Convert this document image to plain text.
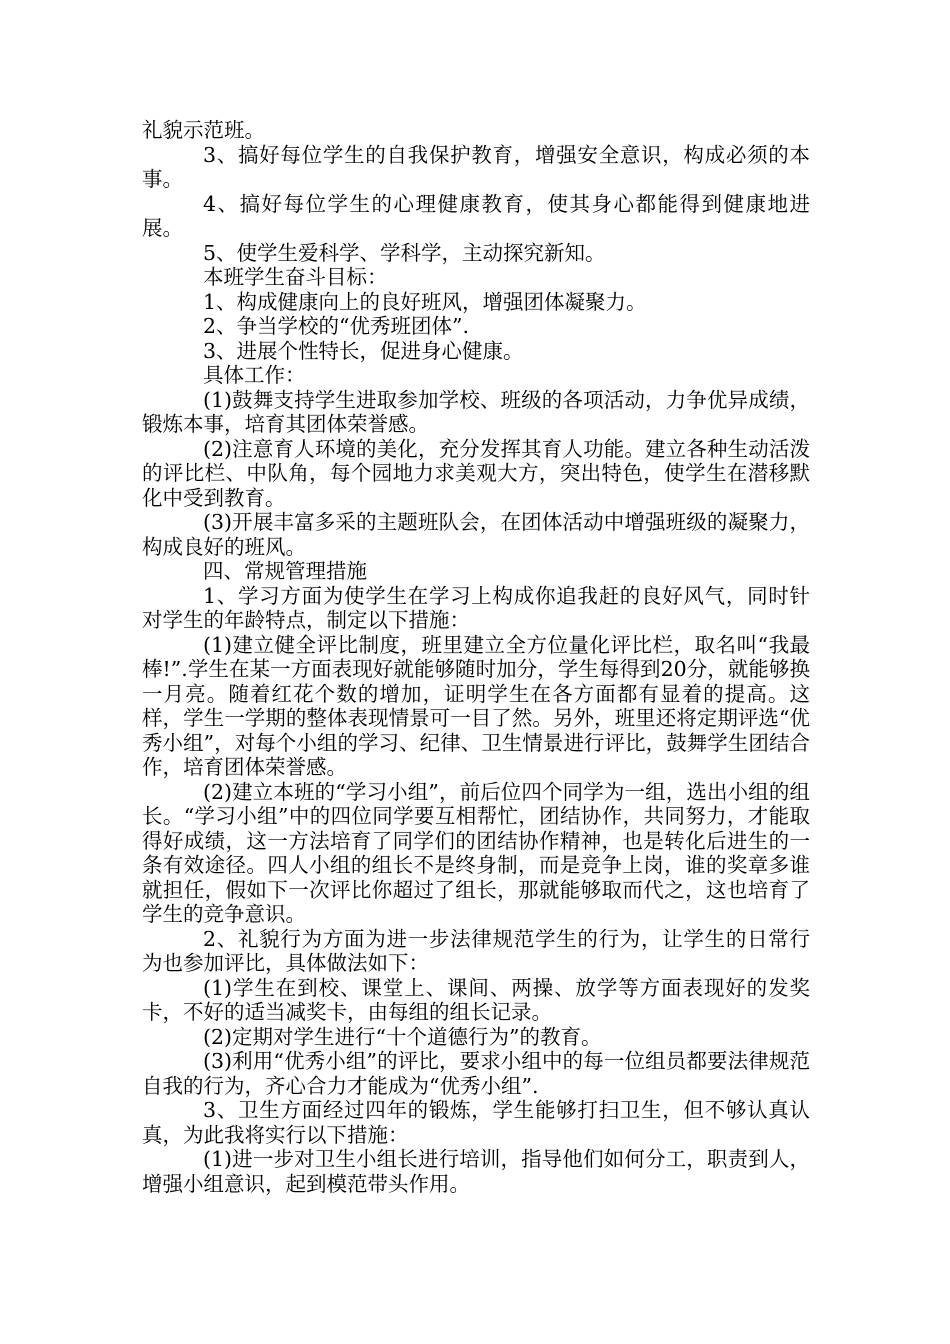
礼貌示范班。

3、搞好每位学生的自我保护教育，增强安全意识，构成必须的本事。

4、搞好每位学生的心理健康教育，使其身心都能得到健康地进展。

5、使学生爱科学、学科学，主动探究新知。

本班学生奋斗目标：

1、构成健康向上的良好班风，增强团体凝聚力。

2、争当学校的“优秀班团体”.

3、进展个性特长，促进身心健康。

具体工作：

(1)鼓舞支持学生进取参加学校、班级的各项活动，力争优异成绩，锻炼本事，培育其团体荣誉感。

(2)注意育人环境的美化，充分发挥其育人功能。建立各种生动活泼的评比栏、中队角，每个园地力求美观大方，突出特色，使学生在潜移默化中受到教育。

(3)开展丰富多采的主题班队会，在团体活动中增强班级的凝聚力，构成良好的班风。

四、常规管理措施

1、学习方面为使学生在学习上构成你追我赶的良好风气，同时针对学生的年龄特点，制定以下措施：

(1)建立健全评比制度，班里建立全方位量化评比栏，取名叫“我最棒!”.学生在某一方面表现好就能够随时加分，学生每得到20分，就能够换一月亮。随着红花个数的增加，证明学生在各方面都有显着的提高。这样，学生一学期的整体表现情景可一目了然。另外，班里还将定期评选“优秀小组”，对每个小组的学习、纪律、卫生情景进行评比，鼓舞学生团结合作，培育团体荣誉感。

(2)建立本班的“学习小组”，前后位四个同学为一组，选出小组的组长。“学习小组”中的四位同学要互相帮忙，团结协作，共同努力，才能取得好成绩，这一方法培育了同学们的团结协作精神，也是转化后进生的一条有效途径。四人小组的组长不是终身制，而是竞争上岗，谁的奖章多谁就担任，假如下一次评比你超过了组长，那就能够取而代之，这也培育了学生的竞争意识。

2、礼貌行为方面为进一步法律规范学生的行为，让学生的日常行为也参加评比，具体做法如下：

(1)学生在到校、课堂上、课间、两操、放学等方面表现好的发奖卡，不好的适当减奖卡，由每组的组长记录。

(2)定期对学生进行“十个道德行为”的教育。

(3)利用“优秀小组”的评比，要求小组中的每一位组员都要法律规范自我的行为，齐心合力才能成为“优秀小组”.

3、卫生方面经过四年的锻炼，学生能够打扫卫生，但不够认真认真，为此我将实行以下措施：

(1)进一步对卫生小组长进行培训，指导他们如何分工，职责到人，增强小组意识，起到模范带头作用。
